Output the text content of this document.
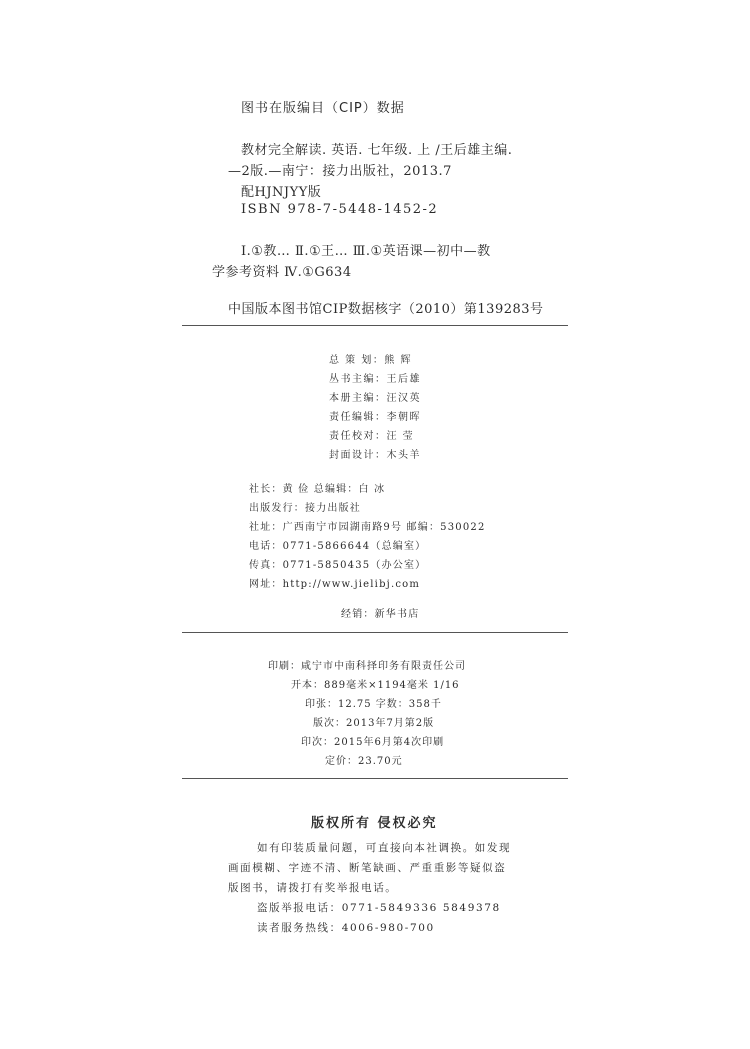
图书在版编目（CIP）数据
教材完全解读. 英语. 七年级. 上 /王后雄主编.
—2版.—南宁：接力出版社，2013.7
配HJNJYY版
ISBN 978-7-5448-1452-2
Ⅰ.①教… Ⅱ.①王… Ⅲ.①英语课—初中—教
学参考资料 Ⅳ.①G634
中国版本图书馆CIP数据核字（2010）第139283号
总 策 划：熊 辉
丛书主编：王后雄
本册主编：汪汉英
责任编辑：李朝晖
责任校对：汪 莹
封面设计：木头羊
社长：黄 俭 总编辑：白 冰
出版发行：接力出版社
社址：广西南宁市园湖南路9号 邮编：530022
电话：0771-5866644（总编室）
传真：0771-5850435（办公室）
网址：http://www.jielibj.com
经销：新华书店
印刷：咸宁市中南科择印务有限责任公司
开本：889毫米×1194毫米 1/16
印张：12.75 字数：358千
版次：2013年7月第2版
印次：2015年6月第4次印刷
定价：23.70元
版权所有 侵权必究
如有印装质量问题，可直接向本社调换。如发现
画面模糊、字迹不清、断笔缺画、严重重影等疑似盗
版图书，请拨打有奖举报电话。
盗版举报电话：0771-5849336 5849378
读者服务热线：4006-980-700
